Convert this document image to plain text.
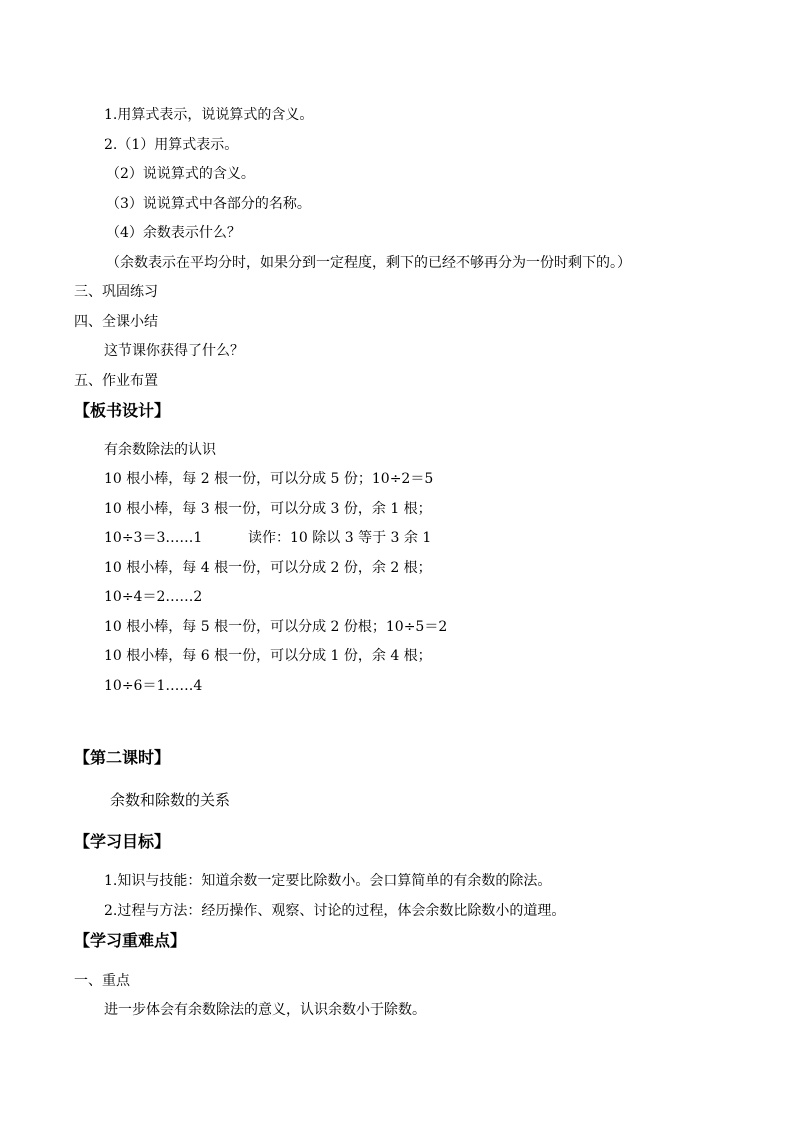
1.用算式表示，说说算式的含义。
2.（1）用算式表示。
（2）说说算式的含义。
（3）说说算式中各部分的名称。
（4）余数表示什么？
（余数表示在平均分时，如果分到一定程度，剩下的已经不够再分为一份时剩下的。）
三、巩固练习
四、全课小结
这节课你获得了什么？
五、作业布置
【板书设计】
有余数除法的认识
10 根小棒，每 2 根一份，可以分成 5 份；10÷2＝5
10 根小棒，每 3 根一份，可以分成 3 份，余 1 根；
10÷3＝3……1	读作：10 除以 3 等于 3 余 1
10 根小棒，每 4 根一份，可以分成 2 份，余 2 根；
10÷4＝2……2
10 根小棒，每 5 根一份，可以分成 2 份根；10÷5＝2
10 根小棒，每 6 根一份，可以分成 1 份，余 4 根；
10÷6＝1……4
【第二课时】
余数和除数的关系
【学习目标】
1.知识与技能：知道余数一定要比除数小。会口算简单的有余数的除法。
2.过程与方法：经历操作、观察、讨论的过程，体会余数比除数小的道理。
【学习重难点】
一、重点
进一步体会有余数除法的意义，认识余数小于除数。
